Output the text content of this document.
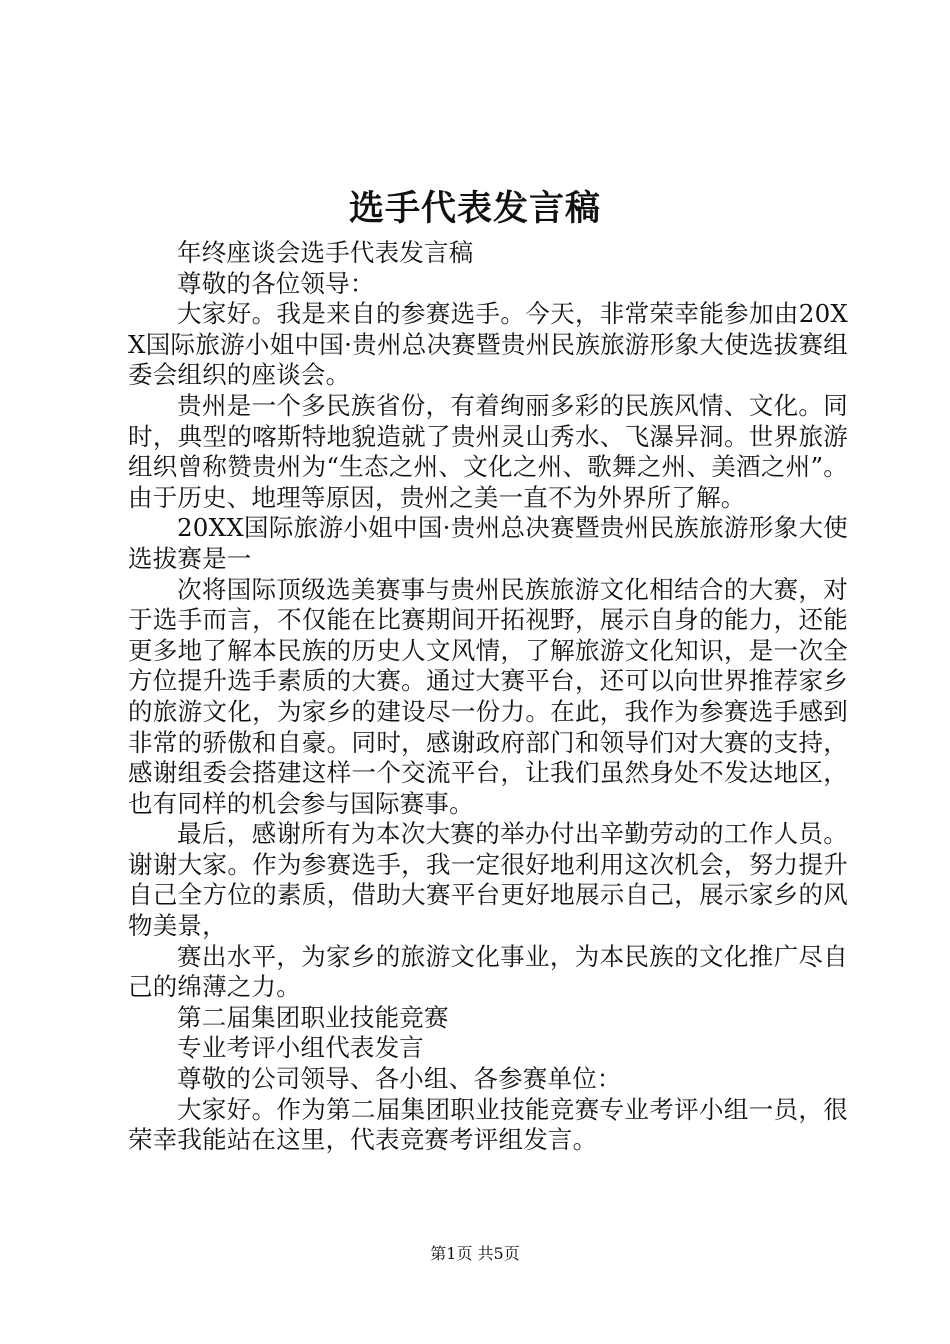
选手代表发言稿

年终座谈会选手代表发言稿

尊敬的各位领导：

大家好。我是来自的参赛选手。今天，非常荣幸能参加由20XX国际旅游小姐中国·贵州总决赛暨贵州民族旅游形象大使选拔赛组委会组织的座谈会。

贵州是一个多民族省份，有着绚丽多彩的民族风情、文化。同时，典型的喀斯特地貌造就了贵州灵山秀水、飞瀑异洞。世界旅游组织曾称赞贵州为“生态之州、文化之州、歌舞之州、美酒之州”。由于历史、地理等原因，贵州之美一直不为外界所了解。

20XX国际旅游小姐中国·贵州总决赛暨贵州民族旅游形象大使选拔赛是一

次将国际顶级选美赛事与贵州民族旅游文化相结合的大赛，对于选手而言，不仅能在比赛期间开拓视野，展示自身的能力，还能更多地了解本民族的历史人文风情，了解旅游文化知识，是一次全方位提升选手素质的大赛。通过大赛平台，还可以向世界推荐家乡的旅游文化，为家乡的建设尽一份力。在此，我作为参赛选手感到非常的骄傲和自豪。同时，感谢政府部门和领导们对大赛的支持，感谢组委会搭建这样一个交流平台，让我们虽然身处不发达地区，也有同样的机会参与国际赛事。

最后，感谢所有为本次大赛的举办付出辛勤劳动的工作人员。谢谢大家。作为参赛选手，我一定很好地利用这次机会，努力提升自己全方位的素质，借助大赛平台更好地展示自己，展示家乡的风物美景，

赛出水平，为家乡的旅游文化事业，为本民族的文化推广尽自己的绵薄之力。

第二届集团职业技能竞赛

专业考评小组代表发言

尊敬的公司领导、各小组、各参赛单位：

大家好。作为第二届集团职业技能竞赛专业考评小组一员，很荣幸我能站在这里，代表竞赛考评组发言。

第1页 共5页
